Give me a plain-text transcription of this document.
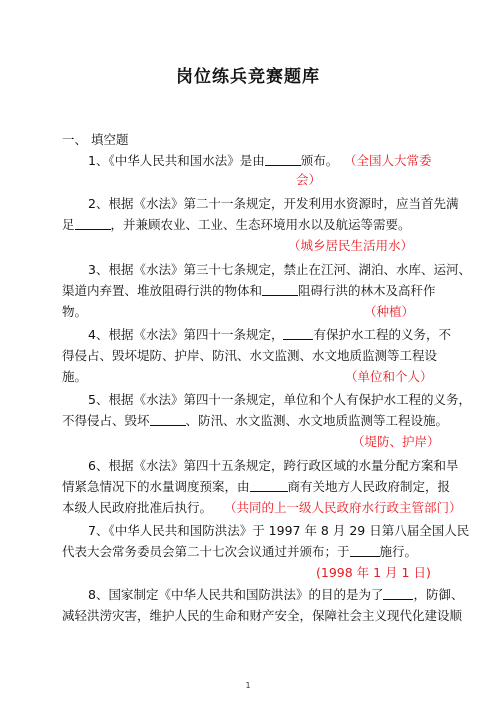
岗位练兵竞赛题库
一、 填空题
1、《中华人民共和国水法》是由	颁布。 （全国人大常委
会）
2、根据《水法》第二十一条规定，开发利用水资源时，应当首先满
足	，并兼顾农业、工业、生态环境用水以及航运等需要。
（城乡居民生活用水）
3、根据《水法》第三十七条规定，禁止在江河、湖泊、水库、运河、
渠道内弃置、堆放阻碍行洪的物体和	阻碍行洪的林木及高秆作
物。	（种植）
4、根据《水法》第四十一条规定， 有保护水工程的义务，不
得侵占、毁坏堤防、护岸、防汛、水文监测、水文地质监测等工程设
施。	（单位和个人）
5、根据《水法》第四十一条规定，单位和个人有保护水工程的义务，
不得侵占、毁坏	、防汛、水文监测、水文地质监测等工程设施。
（堤防、护岸）
6、根据《水法》第四十五条规定，跨行政区域的水量分配方案和旱
情紧急情况下的水量调度预案，由	商有关地方人民政府制定，报
本级人民政府批准后执行。 （共同的上一级人民政府水行政主管部门）
7、《中华人民共和国防洪法》于 1997 年 8 月 29 日第八届全国人民
代表大会常务委员会第二十七次会议通过并颁布；于 施行。
(1998 年 1 月 1 日)
8、国家制定《中华人民共和国防洪法》的目的是为了 ，防御、
减轻洪涝灾害，维护人民的生命和财产安全，保障社会主义现代化建设顺
1
